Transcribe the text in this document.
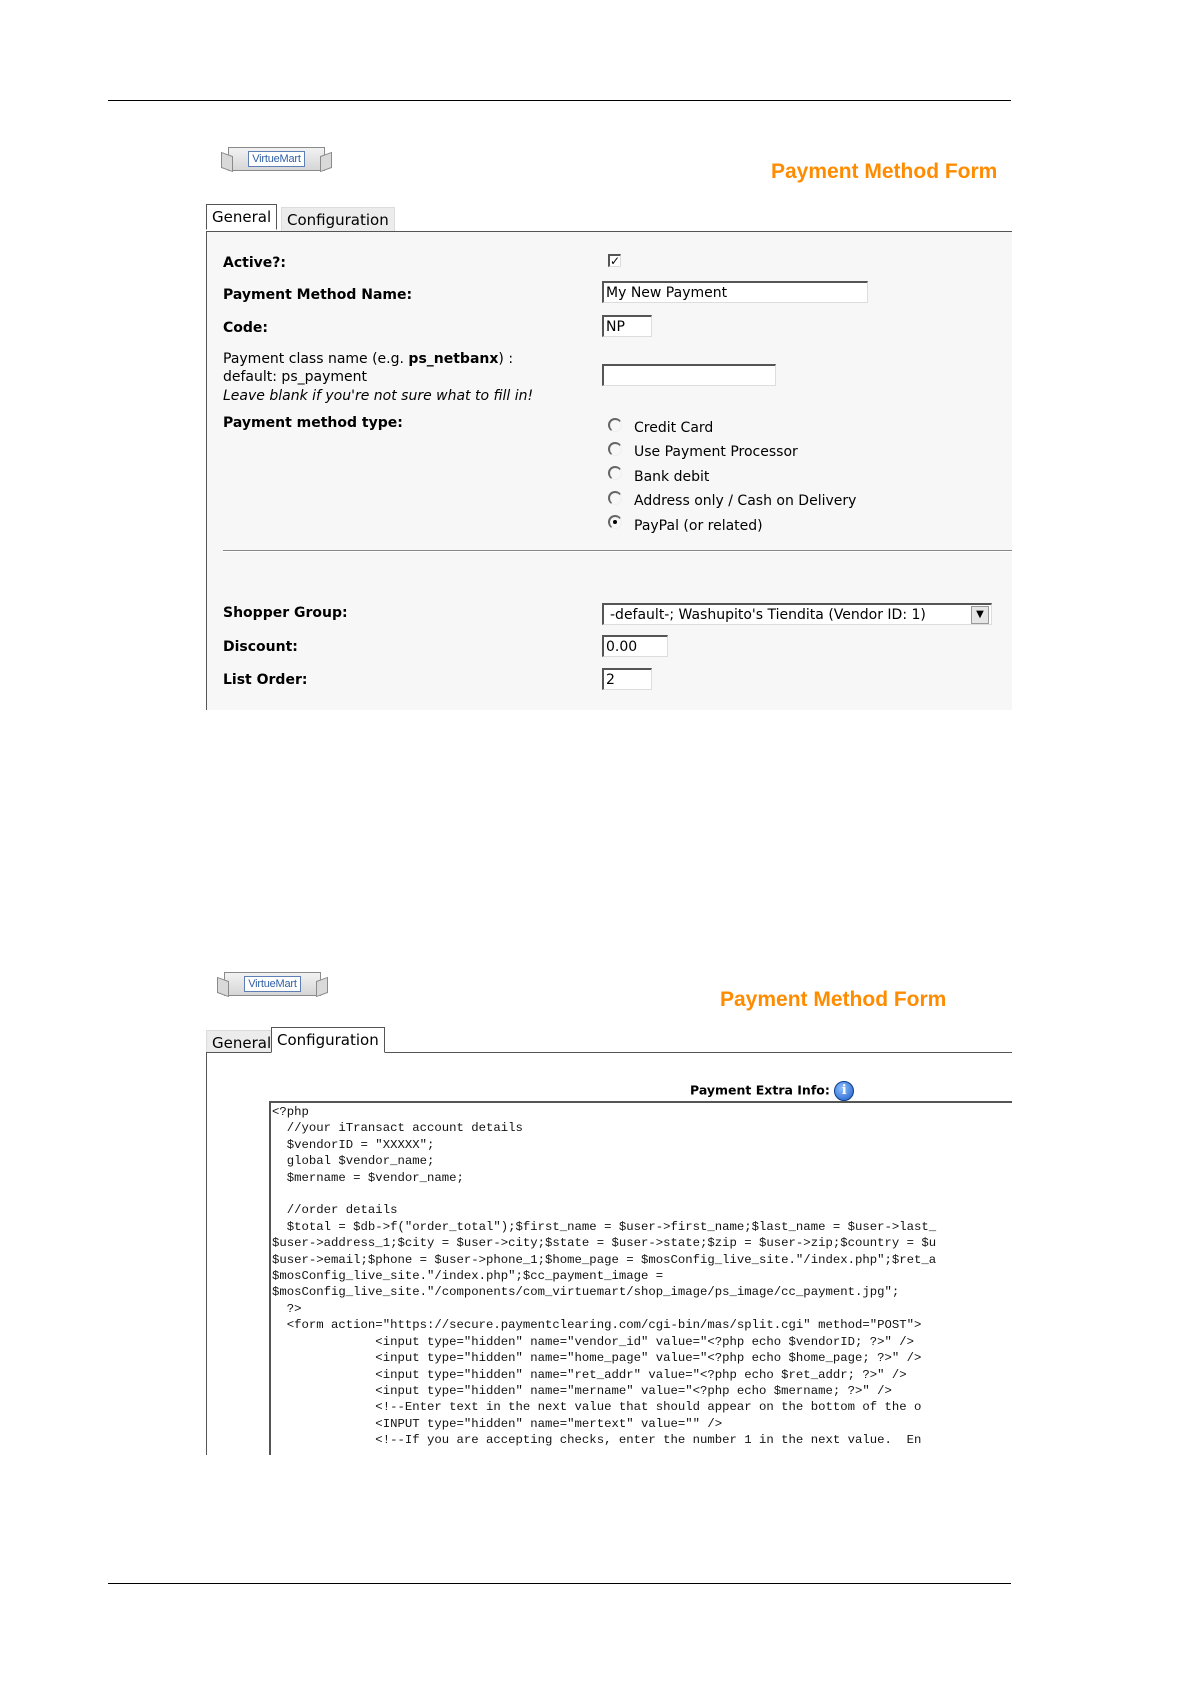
VirtueMart
Payment Method Form
General	Configuration
Active?:	✓
Payment Method Name:	My New Payment
Code:	NP
Payment class name (e.g. ps_netbanx) :
default: ps_payment
Leave blank if you're not sure what to fill in!
Payment method type:	Credit Card
Use Payment Processor
Bank debit
Address only / Cash on Delivery
PayPal (or related)
Shopper Group:	-default-; Washupito's Tiendita (Vendor ID: 1)	▼
Discount:	0.00
List Order:	2
VirtueMart
Payment Method Form
General Configuration
Payment Extra Info: i
<?php
//your iTransact account details
$vendorID = "XXXXX";
global $vendor_name;
$mername = $vendor_name;

//order details
$total = $db->f("order_total");$first_name = $user->first_name;$last_name = $user->last_
$user->address_1;$city = $user->city;$state = $user->state;$zip = $user->zip;$country = $u
$user->email;$phone = $user->phone_1;$home_page = $mosConfig_live_site."/index.php";$ret_a
$mosConfig_live_site."/index.php";$cc_payment_image =
$mosConfig_live_site."/components/com_virtuemart/shop_image/ps_image/cc_payment.jpg";
?>
<form action="https://secure.paymentclearing.com/cgi-bin/mas/split.cgi" method="POST">
<input type="hidden" name="vendor_id" value="<?php echo $vendorID; ?>" />
<input type="hidden" name="home_page" value="<?php echo $home_page; ?>" />
<input type="hidden" name="ret_addr" value="<?php echo $ret_addr; ?>" />
<input type="hidden" name="mername" value="<?php echo $mername; ?>" />
<!--Enter text in the next value that should appear on the bottom of the o
<INPUT type="hidden" name="mertext" value="" />
<!--If you are accepting checks, enter the number 1 in the next value.  En
